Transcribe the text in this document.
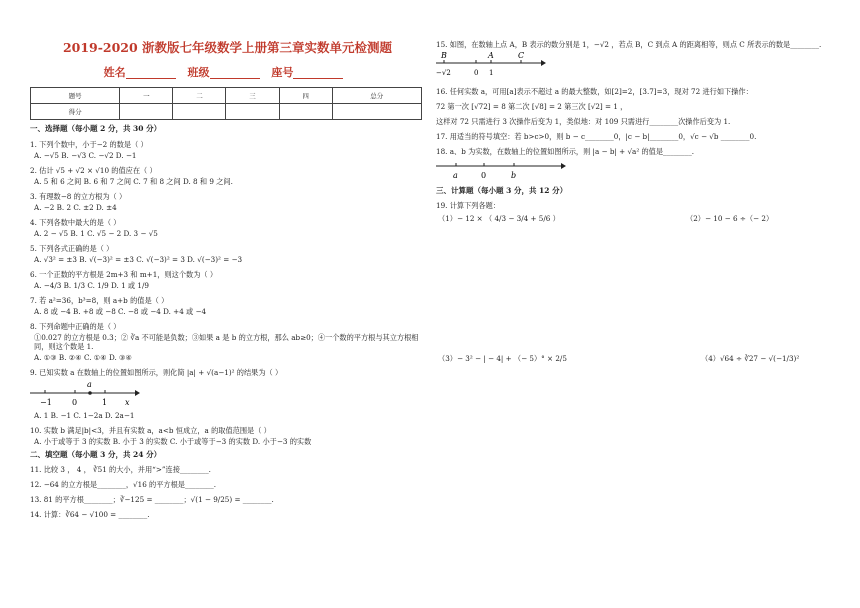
2019-2020 浙教版七年级数学上册第三章实数单元检测题
姓名	班级	座号
题号	一	二	三	四	总分
得分					
一、选择题（每小题 2 分，共 30 分）
1. 下列个数中，小于−2 的数是（ ）
A. −√5 B. −√3 C. −√2 D. −1
2. 估计 √5 + √2 × √10 的值应在（ ）
A. 5 和 6 之间 B. 6 和 7 之间 C. 7 和 8 之间 D. 8 和 9 之间.
3. 有理数−8 的立方根为（ ）
A. −2 B. 2 C. ±2 D. ±4
4. 下列各数中最大的是（ ）
A. 2 − √5 B. 1 C. √5 − 2 D. 3 − √5
5. 下列各式正确的是（ ）
A. √3² = ±3 B. √(−3)² = ±3 C. √(−3)² = 3 D. √(−3)² = −3
6. 一个正数的平方根是 2m+3 和 m+1，则这个数为（ ）
A. −4/3 B. 1/3 C. 1/9 D. 1 或 1/9
7. 若 a²=36，b³=8，则 a+b 的值是（ ）
A. 8 或 −4 B. +8 或 −8 C. −8 或 −4 D. +4 或 −4
8. 下列命题中正确的是（ ）
①0.027 的立方根是 0.3；② ∛a 不可能是负数；③如果 a 是 b 的立方根，那么 ab≥0；④一个数的平方根与其立方根相同，则这个数是 1.
A. ①③ B. ②④ C. ①④ D. ③④
9. 已知实数 a 在数轴上的位置如图所示，则化简 |a| + √(a−1)² 的结果为（ ）
a
−1	0	1 x
A. 1 B. −1 C. 1−2a D. 2a−1
10. 实数 b 满足|b|<3，并且有实数 a，a<b 恒成立，a 的取值范围是（ ）
A. 小于或等于 3 的实数 B. 小于 3 的实数 C. 小于或等于−3 的实数 D. 小于−3 的实数
二、填空题（每小题 3 分，共 24 分）
11. 比较 3 ， 4 ， ∛51 的大小，并用“>”连接________.
12. −64 的立方根是________，√16 的平方根是________.
13. 81 的平方根________；∛−125 = ________；√(1 − 9/25) = ________.
14. 计算：∛64 − √100 = ________.
15. 如图，在数轴上点 A，B 表示的数分别是 1，−√2 ，若点 B，C 到点 A 的距离相等，则点 C 所表示的数是________.
B	A	C
−√2	0 1
16. 任何实数 a，可用[a]表示不超过 a 的最大整数，如[2]=2，[3.7]=3，现对 72 进行如下操作：
72 第一次 [√72] = 8 第二次 [√8] = 2 第三次 [√2] = 1 ，
这样对 72 只需进行 3 次操作后变为 1，类似地：对 109 只需进行________次操作后变为 1.
17. 用适当的符号填空：若 b>c>0，则 b − c________0，|c − b|________0，√c − √b ________0.
18. a、b 为实数，在数轴上的位置如图所示，则 |a − b| + √a² 的值是________.
a	0	b
三、计算题（每小题 3 分，共 12 分）
19. 计算下列各题：
（1）− 12 × （ 4/3 − 3/4 + 5/6 ）	（2）− 10 − 6 ÷（− 2）
（3）− 3² − | − 4| + （− 5）° × 2/5	（4）√64 ÷ ∛27 − √(−1/3)²
